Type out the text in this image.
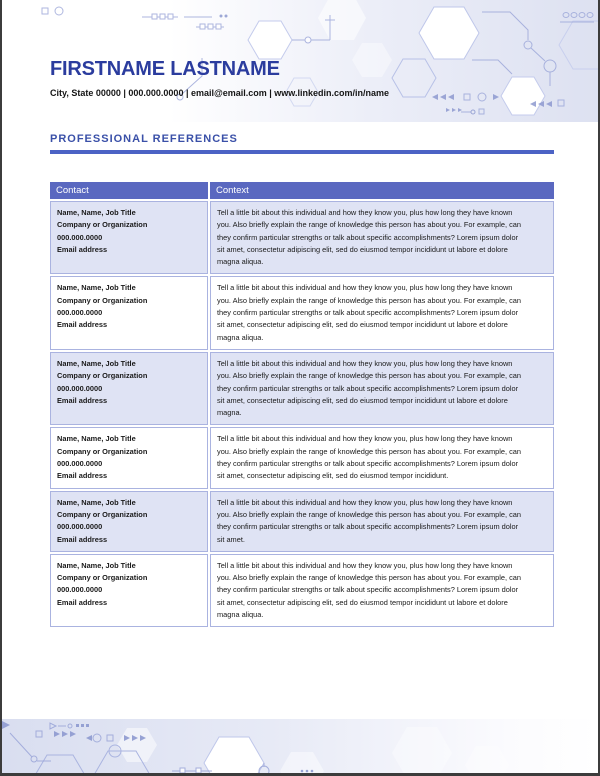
FIRSTNAME LASTNAME

City, State 00000 | 000.000.0000 | email@email.com | www.linkedin.com/in/name

PROFESSIONAL REFERENCES
Contact	Context

Name, Name, Job Title
Company or Organization
000.000.0000
Email address
	Tell a little bit about this individual and how they know you, plus how long they have known you. Also briefly explain the range of knowledge this person has about you. For example, can they confirm particular strengths or talk about specific accomplishments? Lorem ipsum dolor sit amet, consectetur adipiscing elit, sed do eiusmod tempor incididunt ut labore et dolore magna aliqua.

Name, Name, Job Title
Company or Organization
000.000.0000
Email address
	Tell a little bit about this individual and how they know you, plus how long they have known you. Also briefly explain the range of knowledge this person has about you. For example, can they confirm particular strengths or talk about specific accomplishments? Lorem ipsum dolor sit amet, consectetur adipiscing elit, sed do eiusmod tempor incididunt ut labore et dolore magna aliqua.

Name, Name, Job Title
Company or Organization
000.000.0000
Email address
	Tell a little bit about this individual and how they know you, plus how long they have known you. Also briefly explain the range of knowledge this person has about you. For example, can they confirm particular strengths or talk about specific accomplishments? Lorem ipsum dolor sit amet, consectetur adipiscing elit, sed do eiusmod tempor incididunt ut labore et dolore magna.

Name, Name, Job Title
Company or Organization
000.000.0000
Email address
	Tell a little bit about this individual and how they know you, plus how long they have known you. Also briefly explain the range of knowledge this person has about you. For example, can they confirm particular strengths or talk about specific accomplishments? Lorem ipsum dolor sit amet, consectetur adipiscing elit, sed do eiusmod tempor incididunt.

Name, Name, Job Title
Company or Organization
000.000.0000
Email address
	Tell a little bit about this individual and how they know you, plus how long they have known you. Also briefly explain the range of knowledge this person has about you. For example, can they confirm particular strengths or talk about specific accomplishments? Lorem ipsum dolor sit amet.

Name, Name, Job Title
Company or Organization
000.000.0000
Email address
	Tell a little bit about this individual and how they know you, plus how long they have known you. Also briefly explain the range of knowledge this person has about you. For example, can they confirm particular strengths or talk about specific accomplishments? Lorem ipsum dolor sit amet, consectetur adipiscing elit, sed do eiusmod tempor incididunt ut labore et dolore magna aliqua.
